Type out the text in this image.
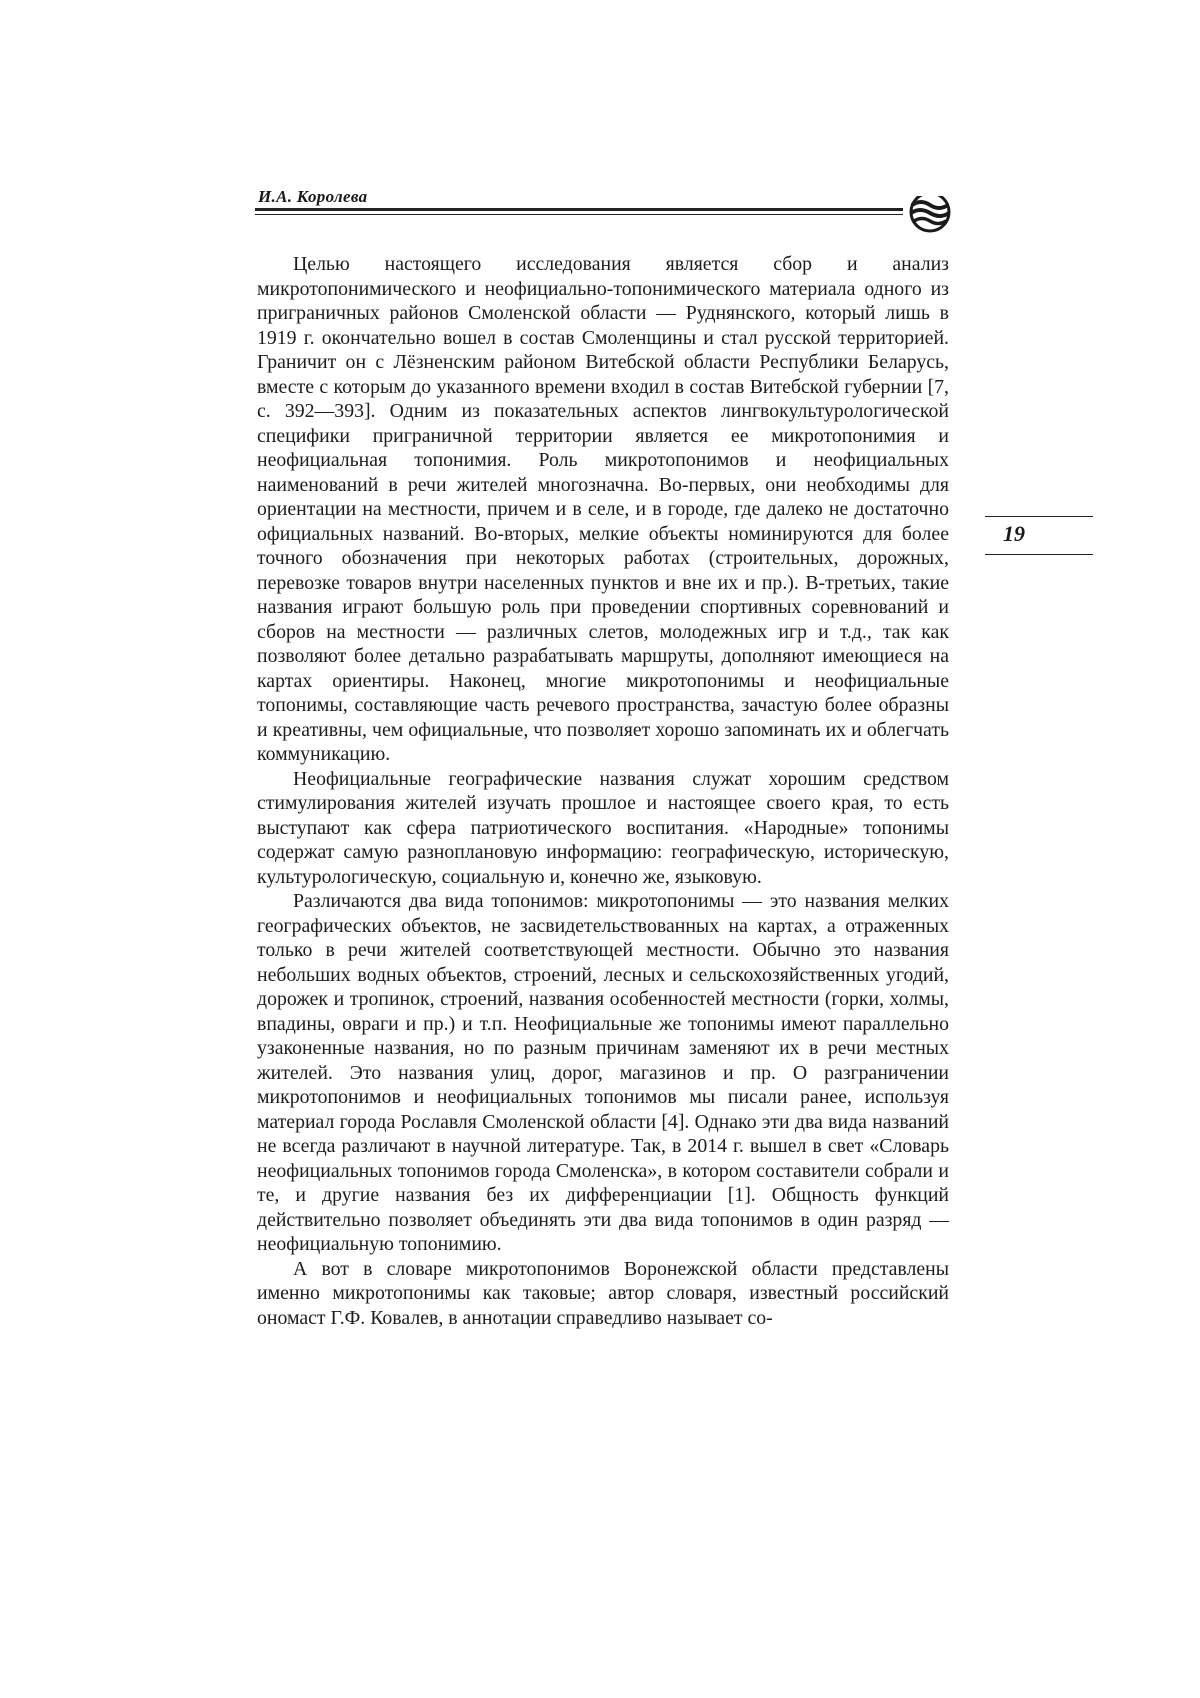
И.А. Королева
19

Целью настоящего исследования является сбор и анализ микротопонимического и неофициально-топонимического материала одного из приграничных районов Смоленской области — Руднянского, который лишь в 1919 г. окончательно вошел в состав Смоленщины и стал русской территорией. Граничит он с Лёзненским районом Витебской области Республики Беларусь, вместе с которым до указанного времени входил в состав Витебской губернии [7, с. 392—393]. Одним из показательных аспектов лингвокультурологической специфики приграничной территории является ее микротопонимия и неофициальная топонимия. Роль микротопонимов и неофициальных наименований в речи жителей многозначна. Во-первых, они необходимы для ориентации на местности, причем и в селе, и в городе, где далеко не достаточно официальных названий. Во-вторых, мелкие объекты номинируются для более точного обозначения при некоторых работах (строительных, дорожных, перевозке товаров внутри населенных пунктов и вне их и пр.). В-третьих, такие названия играют большую роль при проведении спортивных соревнований и сборов на местности — различных слетов, молодежных игр и т.д., так как позволяют более детально разрабатывать маршруты, дополняют имеющиеся на картах ориентиры. Наконец, многие микротопонимы и неофициальные топонимы, составляющие часть речевого пространства, зачастую более образны и креативны, чем официальные, что позволяет хорошо запоминать их и облегчать коммуникацию.

Неофициальные географические названия служат хорошим средством стимулирования жителей изучать прошлое и настоящее своего края, то есть выступают как сфера патриотического воспитания. «Народные» топонимы содержат самую разноплановую информацию: географическую, историческую, культурологическую, социальную и, конечно же, языковую.

Различаются два вида топонимов: микротопонимы — это названия мелких географических объектов, не засвидетельствованных на картах, а отраженных только в речи жителей соответствующей местности. Обычно это названия небольших водных объектов, строений, лесных и сельскохозяйственных угодий, дорожек и тропинок, строений, названия особенностей местности (горки, холмы, впадины, овраги и пр.) и т.п. Неофициальные же топонимы имеют параллельно узаконенные названия, но по разным причинам заменяют их в речи местных жителей. Это названия улиц, дорог, магазинов и пр. О разграничении микротопонимов и неофициальных топонимов мы писали ранее, используя материал города Рославля Смоленской области [4]. Однако эти два вида названий не всегда различают в научной литературе. Так, в 2014 г. вышел в свет «Словарь неофициальных топонимов города Смоленска», в котором составители собрали и те, и другие названия без их дифференциации [1]. Общность функций действительно позволяет объединять эти два вида топонимов в один разряд — неофициальную топонимию.

А вот в словаре микротопонимов Воронежской области представлены именно микротопонимы как таковые; автор словаря, известный российский ономаст Г.Ф. Ковалев, в аннотации справедливо называет со-
